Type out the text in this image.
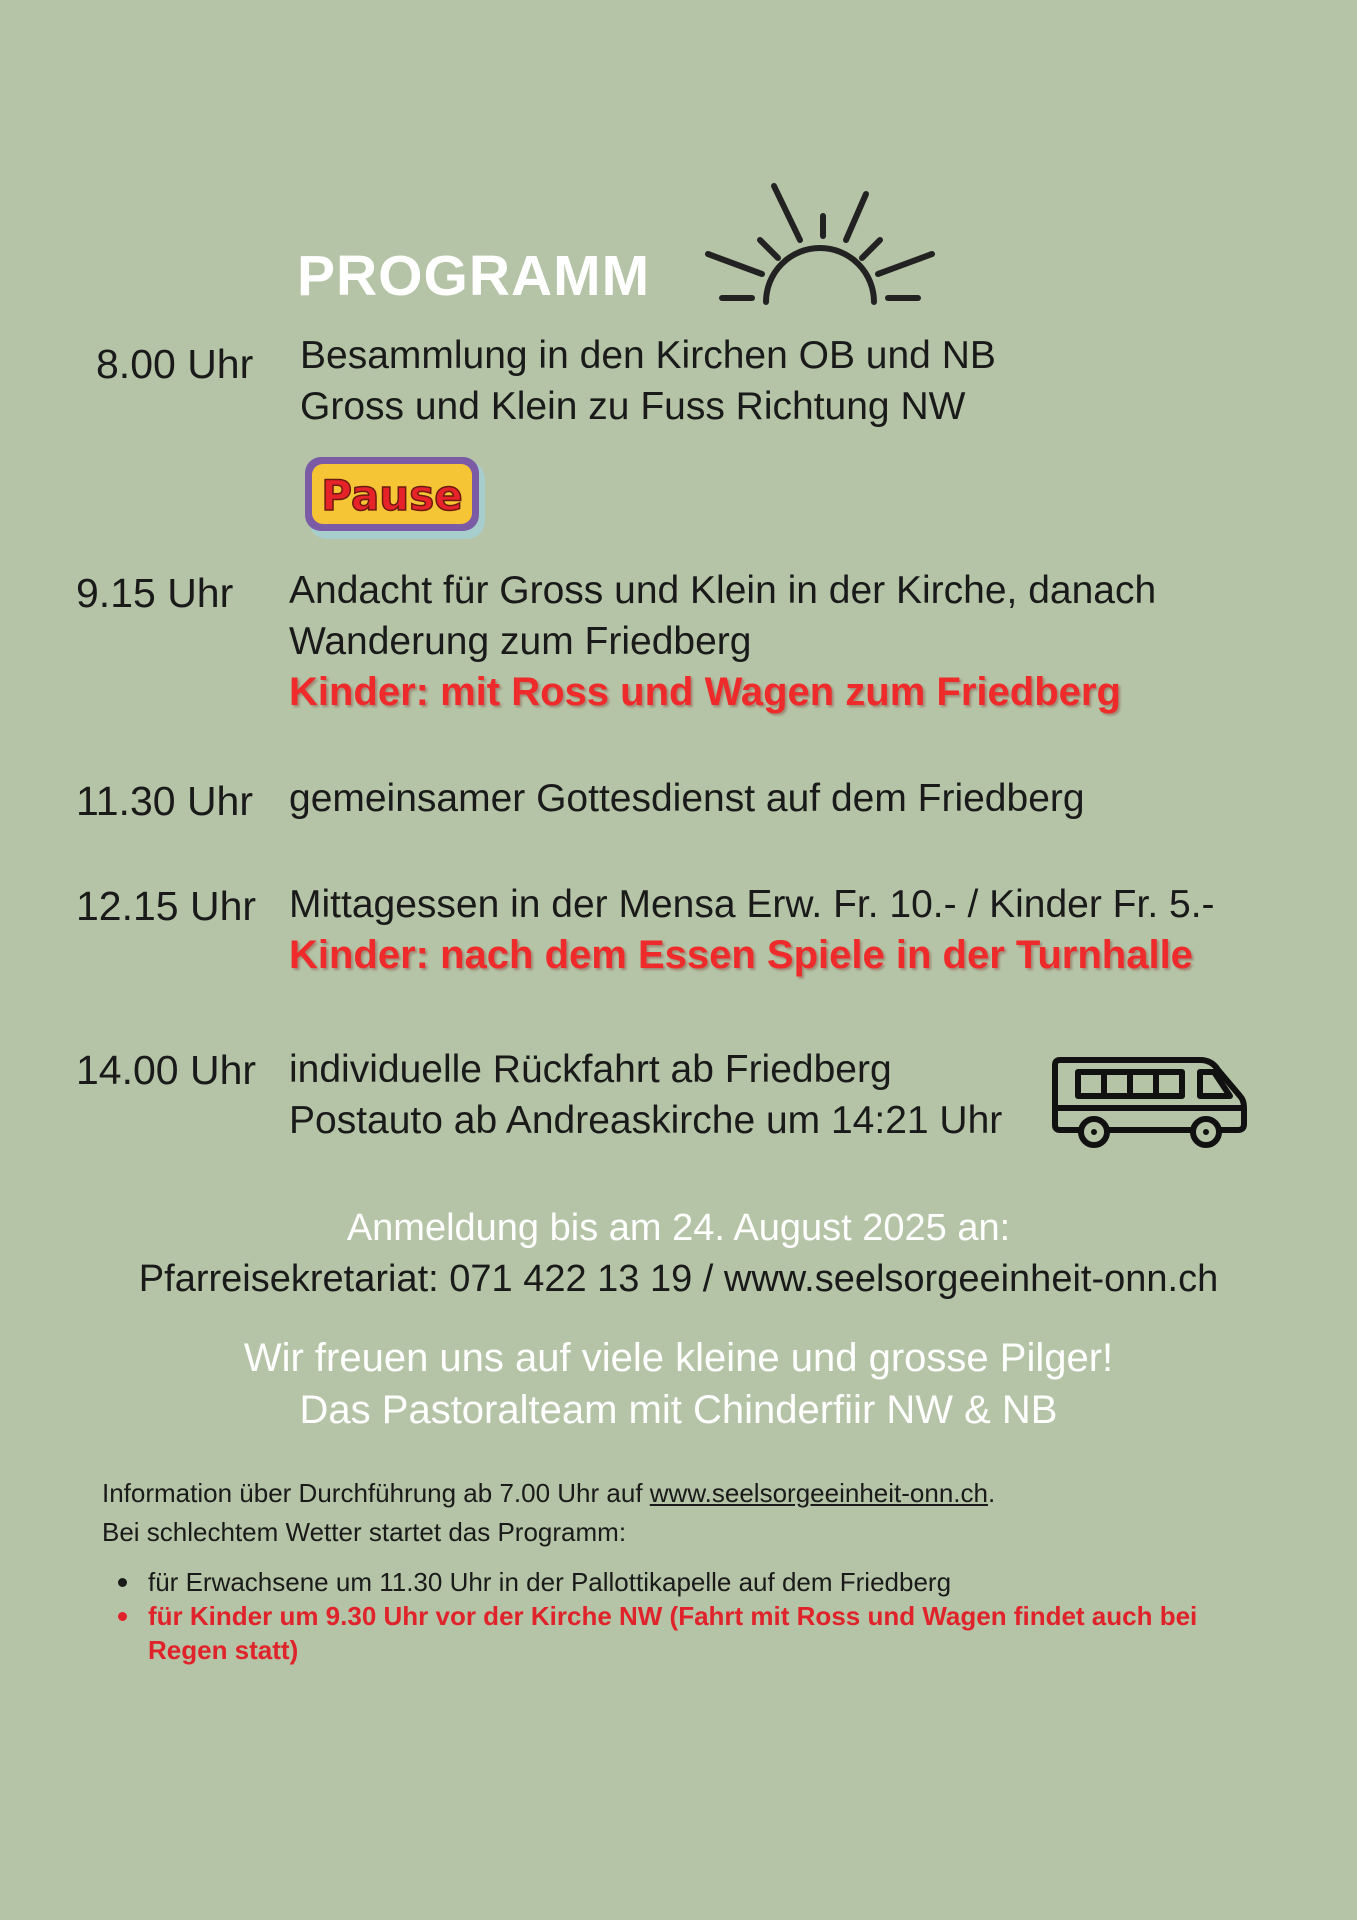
PROGRAMM
8.00 Uhr Besammlung in den Kirchen OB und NB
Gross und Klein zu Fuss Richtung NW
Pause
9.15 Uhr Andacht für Gross und Klein in der Kirche, danach
Wanderung zum Friedberg
Kinder: mit Ross und Wagen zum Friedberg
11.30 Uhr gemeinsamer Gottesdienst auf dem Friedberg
12.15 Uhr Mittagessen in der Mensa Erw. Fr. 10.- / Kinder Fr. 5.-
Kinder: nach dem Essen Spiele in der Turnhalle
14.00 Uhr individuelle Rückfahrt ab Friedberg
Postauto ab Andreaskirche um 14:21 Uhr
Anmeldung bis am 24. August 2025 an:
Pfarreisekretariat: 071 422 13 19 / www.seelsorgeeinheit-onn.ch
Wir freuen uns auf viele kleine und grosse Pilger!
Das Pastoralteam mit Chinderfiir NW & NB
Information über Durchführung ab 7.00 Uhr auf www.seelsorgeeinheit-onn.ch.
Bei schlechtem Wetter startet das Programm:
für Erwachsene um 11.30 Uhr in der Pallottikapelle auf dem Friedberg
für Kinder um 9.30 Uhr vor der Kirche NW (Fahrt mit Ross und Wagen findet auch bei Regen statt)
